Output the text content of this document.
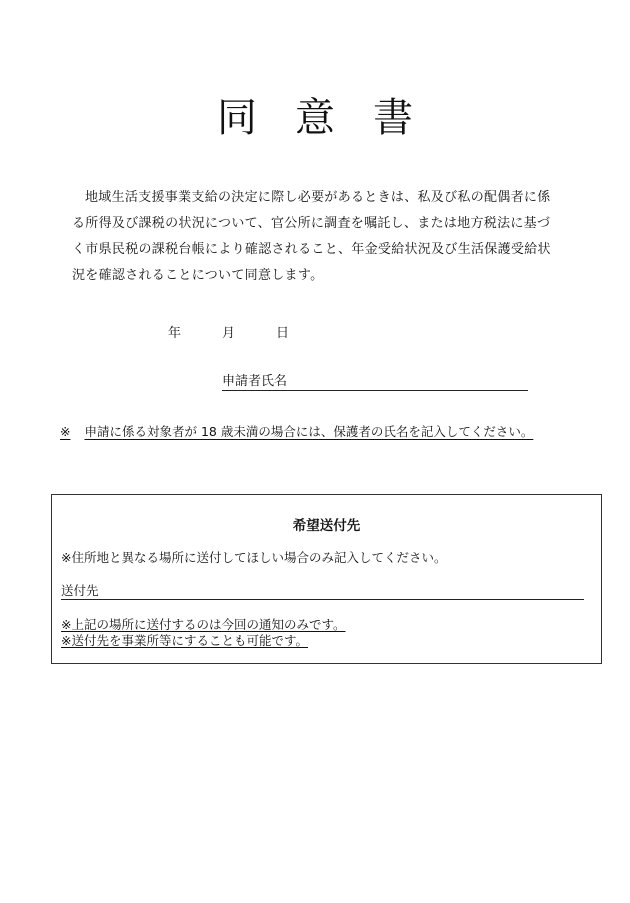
同意書

地域生活支援事業支給の決定に際し必要があるときは、私及び私の配偶者に係る所得及び課税の状況について、官公所に調査を嘱託し、または地方税法に基づく市県民税の課税台帳により確認されること、年金受給状況及び生活保護受給状況を確認されることについて同意します。

年	月	日
申請者氏名
※ 申請に係る対象者が 18 歳未満の場合には、保護者の氏名を記入してください。
希望送付先
※住所地と異なる場所に送付してほしい場合のみ記入してください。
送付先
※上記の場所に送付するのは今回の通知のみです。
※送付先を事業所等にすることも可能です。
